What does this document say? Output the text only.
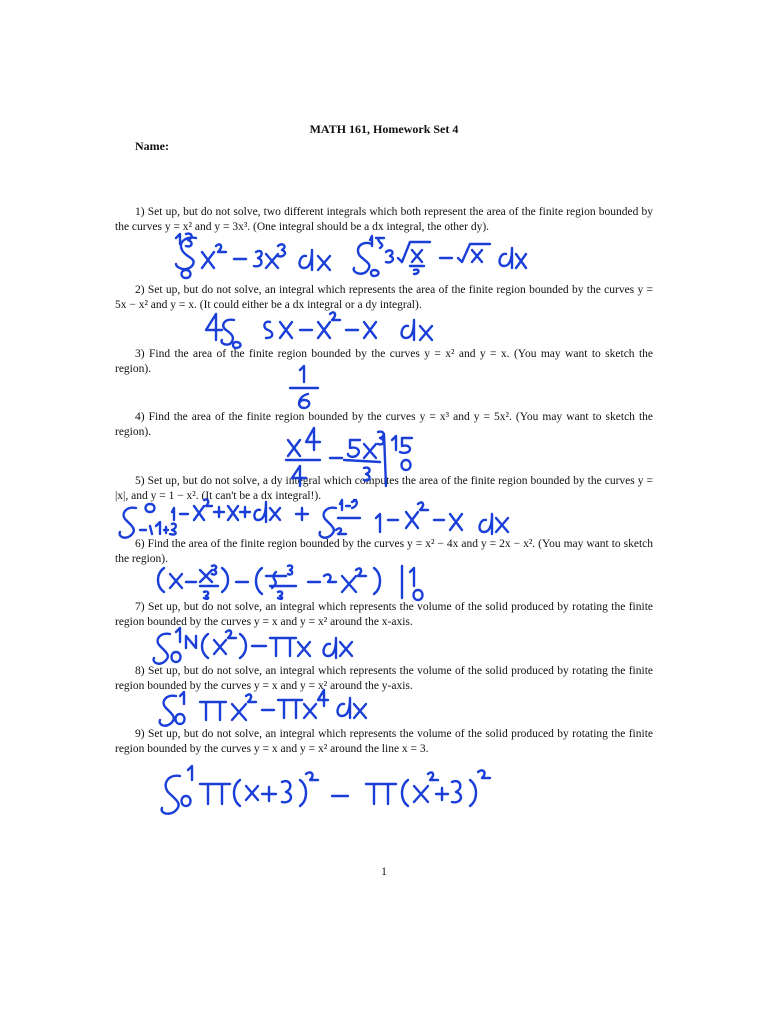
MATH 161, Homework Set 4
Name:
1) Set up, but do not solve, two different integrals which both represent the area of the finite region bounded by the curves y = x² and y = 3x³. (One integral should be a dx integral, the other dy).
2) Set up, but do not solve, an integral which represents the area of the finite region bounded by the curves y = 5x − x² and y = x. (It could either be a dx integral or a dy integral).
3) Find the area of the finite region bounded by the curves y = x² and y = x. (You may want to sketch the region).
4) Find the area of the finite region bounded by the curves y = x³ and y = 5x². (You may want to sketch the region).
5) Set up, but do not solve, a dy integral which computes the area of the finite region bounded by the curves y = |x|, and y = 1 − x². (It can't be a dx integral!).
6) Find the area of the finite region bounded by the curves y = x² − 4x and y = 2x − x². (You may want to sketch the region).
7) Set up, but do not solve, an integral which represents the volume of the solid produced by rotating the finite region bounded by the curves y = x and y = x² around the x-axis.
8) Set up, but do not solve, an integral which represents the volume of the solid produced by rotating the finite region bounded by the curves y = x and y = x² around the y-axis.
9) Set up, but do not solve, an integral which represents the volume of the solid produced by rotating the finite region bounded by the curves y = x and y = x² around the line x = 3.
1
